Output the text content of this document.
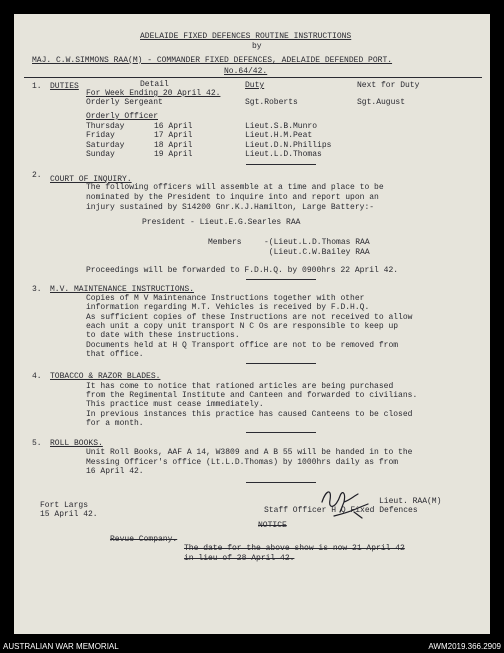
ADELAIDE FIXED DEFENCES ROUTINE INSTRUCTIONS
by
MAJ. C.W.SIMMONS RAA(M) - COMMANDER FIXED DEFENCES, ADELAIDE DEFENDED PORT.
No.64/42.
1. DUTIES	Detail	Duty	Next for Duty
For Week Ending 20 April 42.
Orderly Sergeant	Sgt.Roberts	Sgt.August
Orderly Officer
Thursday	16 April	Lieut.S.B.Munro
Friday	17 April	Lieut.H.M.Peat
Saturday	18 April	Lieut.D.N.Phillips
Sunday	19 April	Lieut.L.D.Thomas
2. COURT OF INQUIRY.
The following officers will assemble at a time and place to be
nominated by the President to inquire into and report upon an
injury sustained by S14200 Gnr.K.J.Hamilton, Large Battery:-
President - Lieut.E.G.Searles RAA
Members	-(Lieut.L.D.Thomas RAA
(Lieut.C.W.Bailey RAA
Proceedings will be forwarded to F.D.H.Q. by 0900hrs 22 April 42.
3. M.V. MAINTENANCE INSTRUCTIONS.
Copies of M V Maintenance Instructions together with other
information regarding M.T. Vehicles is received by F.D.H.Q.
As sufficient copies of these Instructions are not received to allow
each unit a copy unit transport N C Os are responsible to keep up
to date with these instructions.
Documents held at H Q Transport office are not to be removed from
that office.
4. TOBACCO & RAZOR BLADES.
It has come to notice that rationed articles are being purchased
from the Regimental Institute and Canteen and forwarded to civilians.
This practice must cease immediately.
In previous instances this practice has caused Canteens to be closed
for a month.
5. ROLL BOOKS.
Unit Roll Books, AAF A 14, W3809 and A B 55 will be handed in to the
Messing Officer's office (Lt.L.D.Thomas) by 1000hrs daily as from
16 April 42.
Fort Largs
15 April 42.
Lieut. RAA(M)
Staff Officer H Q Fixed Defences
NOTICE
Revue Company.
The date for the above show is now 21 April 42
in lieu of 28 April 42.
AUSTRALIAN WAR MEMORIAL	AWM2019.366.2909
